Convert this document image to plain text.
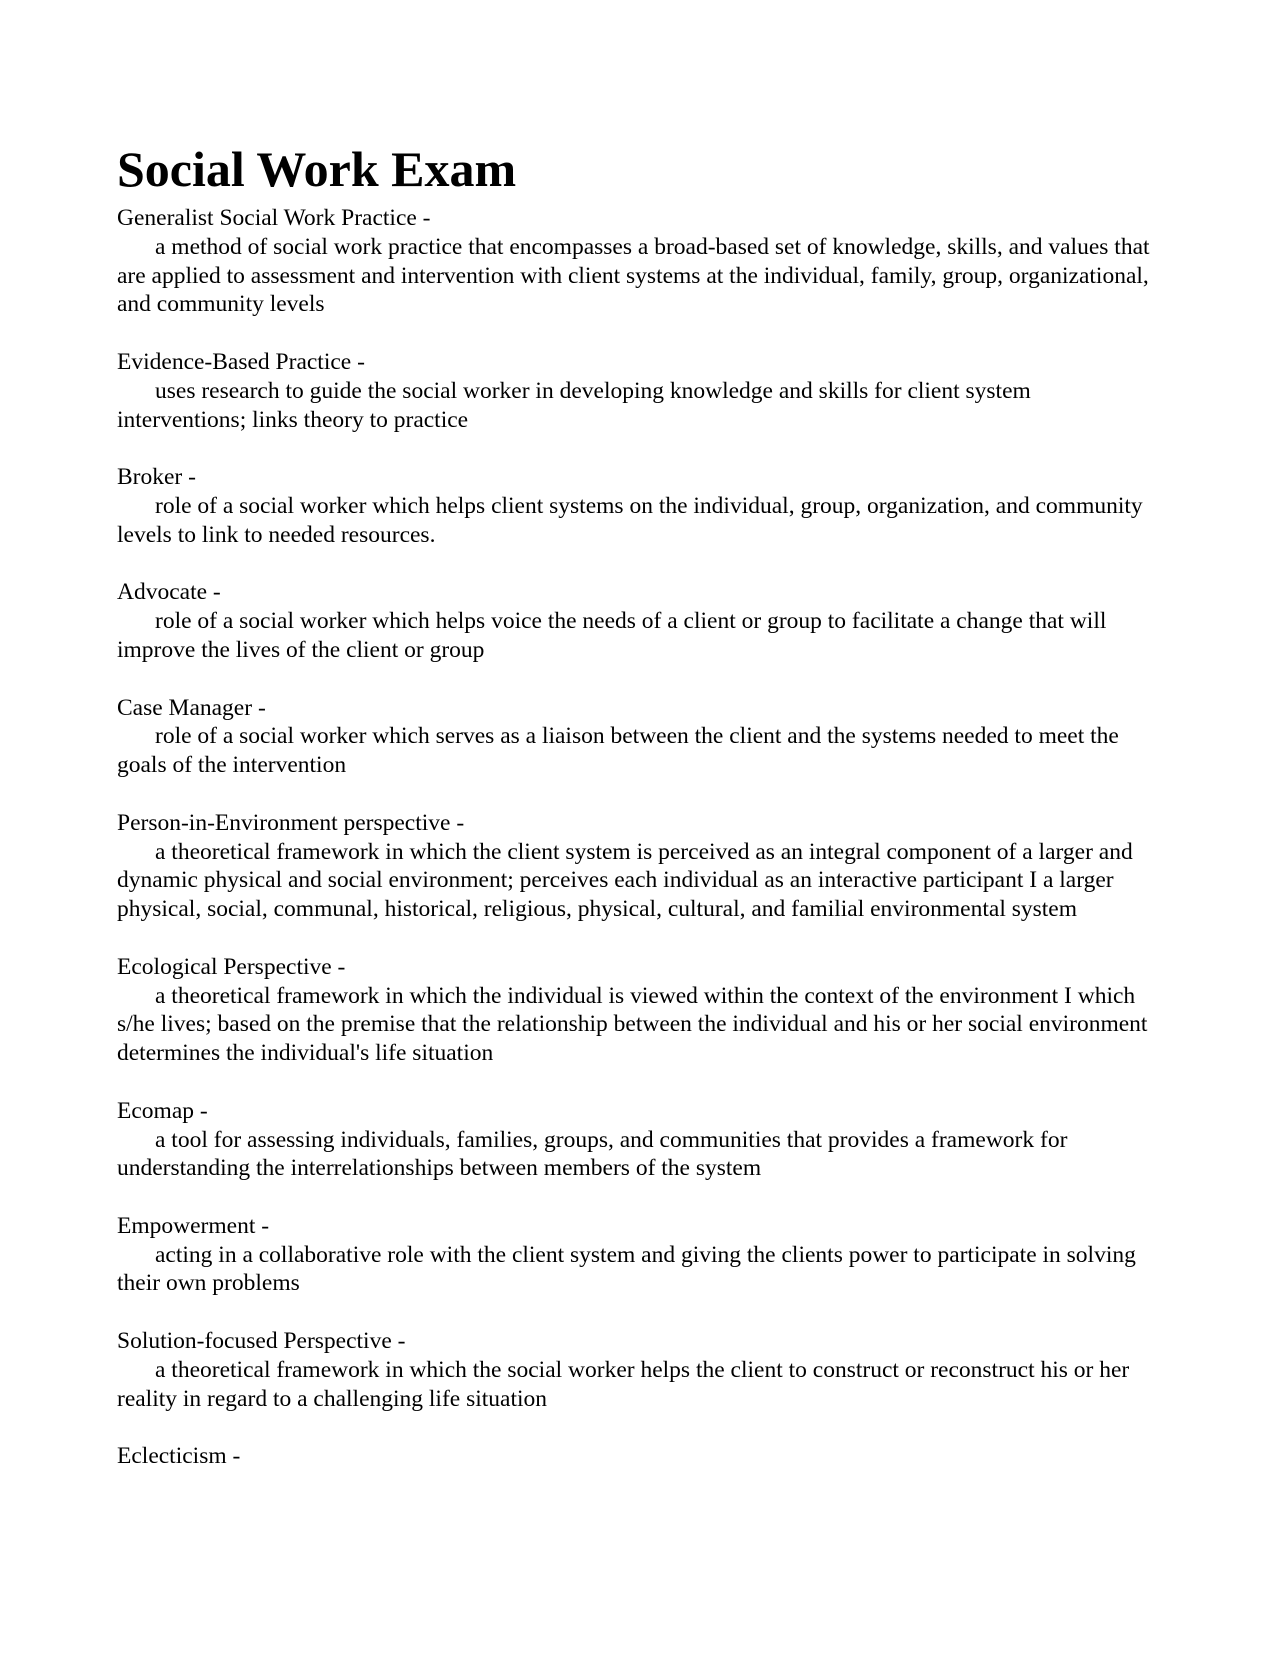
Social Work Exam

Generalist Social Work Practice -

a method of social work practice that encompasses a broad-based set of knowledge, skills, and values that are applied to assessment and intervention with client systems at the individual, family, group, organizational, and community levels

Evidence-Based Practice -

uses research to guide the social worker in developing knowledge and skills for client system interventions; links theory to practice

Broker -

role of a social worker which helps client systems on the individual, group, organization, and community levels to link to needed resources.

Advocate -

role of a social worker which helps voice the needs of a client or group to facilitate a change that will improve the lives of the client or group

Case Manager -

role of a social worker which serves as a liaison between the client and the systems needed to meet the goals of the intervention

Person-in-Environment perspective -

a theoretical framework in which the client system is perceived as an integral component of a larger and dynamic physical and social environment; perceives each individual as an interactive participant I a larger physical, social, communal, historical, religious, physical, cultural, and familial environmental system

Ecological Perspective -

a theoretical framework in which the individual is viewed within the context of the environment I which s/he lives; based on the premise that the relationship between the individual and his or her social environment determines the individual's life situation

Ecomap -

a tool for assessing individuals, families, groups, and communities that provides a framework for understanding the interrelationships between members of the system

Empowerment -

acting in a collaborative role with the client system and giving the clients power to participate in solving their own problems

Solution-focused Perspective -

a theoretical framework in which the social worker helps the client to construct or reconstruct his or her reality in regard to a challenging life situation

Eclecticism -
